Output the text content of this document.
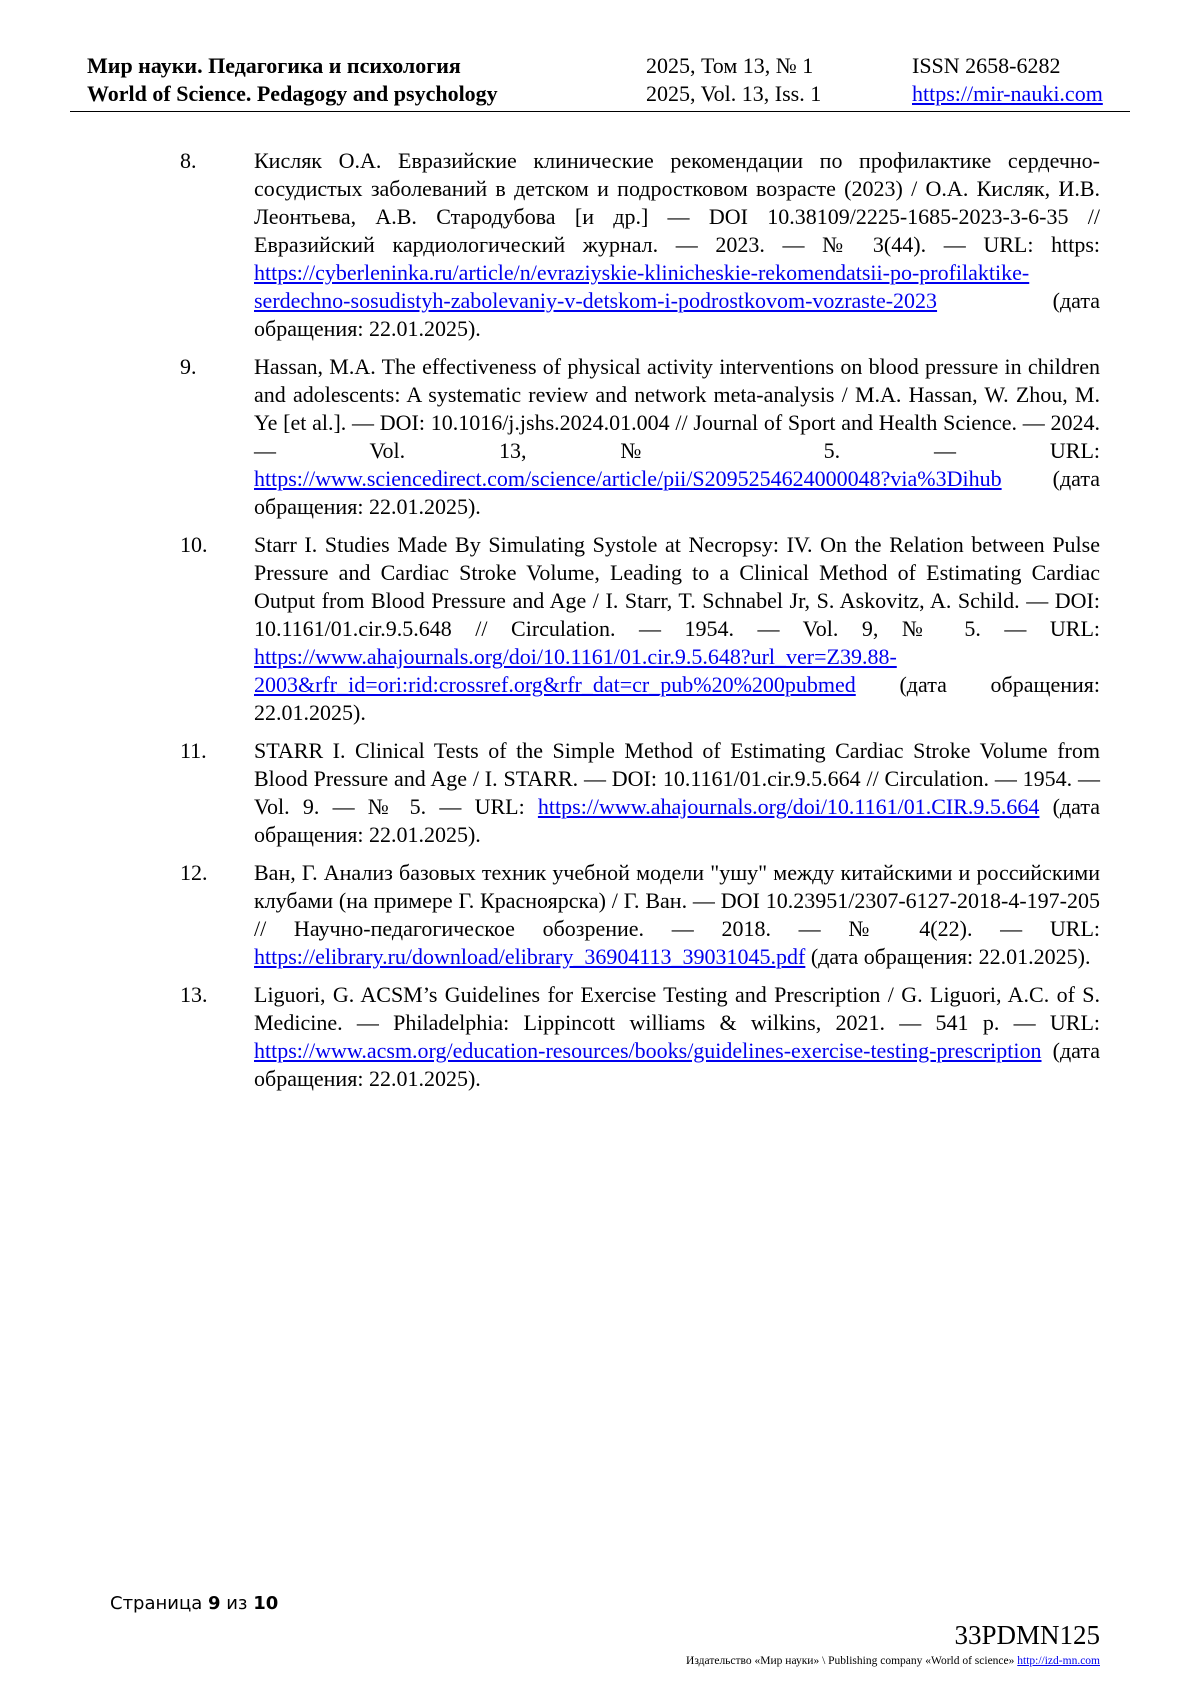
Мир науки. Педагогика и психология	2025, Том 13, № 1	ISSN 2658-6282
World of Science. Pedagogy and psychology	2025, Vol. 13, Iss. 1	https://mir-nauki.com
8.	Кисляк О.А. Евразийские клинические рекомендации по профилактике сердечно-сосудистых заболеваний в детском и подростковом возрасте (2023) / О.А. Кисляк, И.В. Леонтьева, А.В. Стародубова [и др.] — DOI 10.38109/2225-1685-2023-3-6-35 // Евразийский кардиологический журнал. — 2023. — № 3(44). — URL: https: https://cyberleninka.ru/article/n/evraziyskie-klinicheskie-rekomendatsii-po-profilaktike-serdechno-sosudistyh-zabolevaniy-v-detskom-i-podrostkovom-vozraste-2023 (дата обращения: 22.01.2025).
9.	Hassan, M.A. The effectiveness of physical activity interventions on blood pressure in children and adolescents: A systematic review and network meta-analysis / M.A. Hassan, W. Zhou, M. Ye [et al.]. — DOI: 10.1016/j.jshs.2024.01.004 // Journal of Sport and Health Science. — 2024. — Vol. 13, № 5. — URL: https://www.sciencedirect.com/science/article/pii/S2095254624000048?via%3Dihub (дата обращения: 22.01.2025).
10.	Starr I. Studies Made By Simulating Systole at Necropsy: IV. On the Relation between Pulse Pressure and Cardiac Stroke Volume, Leading to a Clinical Method of Estimating Cardiac Output from Blood Pressure and Age / I. Starr, T. Schnabel Jr, S. Askovitz, A. Schild. — DOI: 10.1161/01.cir.9.5.648 // Circulation. — 1954. — Vol. 9, № 5. — URL: https://www.ahajournals.org/doi/10.1161/01.cir.9.5.648?url_ver=Z39.88-2003&rfr_id=ori:rid:crossref.org&rfr_dat=cr_pub%20%200pubmed (дата обращения: 22.01.2025).
11.	STARR I. Clinical Tests of the Simple Method of Estimating Cardiac Stroke Volume from Blood Pressure and Age / I. STARR. — DOI: 10.1161/01.cir.9.5.664 // Circulation. — 1954. — Vol. 9. — № 5. — URL: https://www.ahajournals.org/doi/10.1161/01.CIR.9.5.664 (дата обращения: 22.01.2025).
12.	Ван, Г. Анализ базовых техник учебной модели "ушу" между китайскими и российскими клубами (на примере Г. Красноярска) / Г. Ван. — DOI 10.23951/2307-6127-2018-4-197-205 // Научно-педагогическое обозрение. — 2018. — № 4(22). — URL: https://elibrary.ru/download/elibrary_36904113_39031045.pdf (дата обращения: 22.01.2025).
13.	Liguori, G. ACSM’s Guidelines for Exercise Testing and Prescription / G. Liguori, A.C. of S. Medicine. — Philadelphia: Lippincott williams & wilkins, 2021. — 541 p. — URL: https://www.acsm.org/education-resources/books/guidelines-exercise-testing-prescription (дата обращения: 22.01.2025).
Страница 9 из 10
33PDMN125
Издательство «Мир науки» \ Publishing company «World of science» http://izd-mn.com
